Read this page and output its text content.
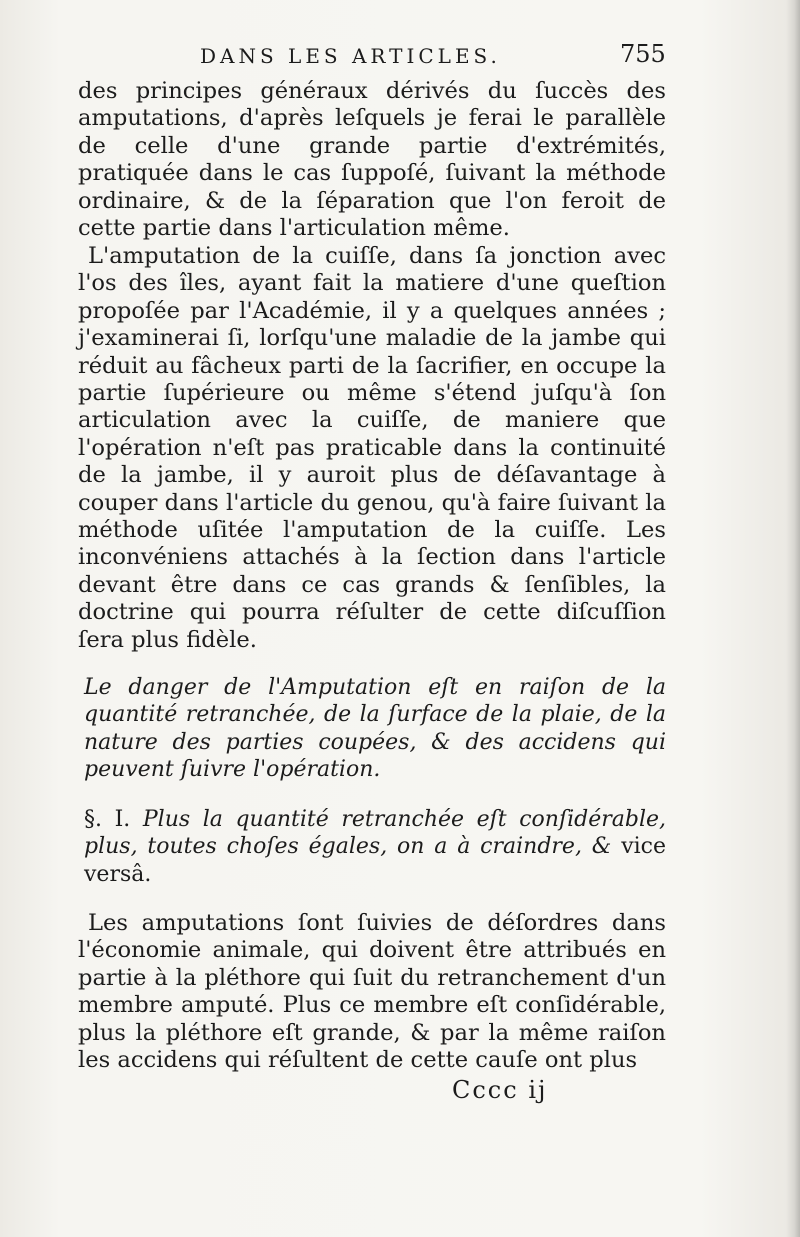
DANS LES ARTICLES.	755
des principes généraux dérivés du ſuccès des amputations, d'après leſquels je ferai le parallèle de celle d'une grande partie d'extrémités, pratiquée dans le cas ſuppoſé, ſuivant la méthode ordinaire, & de la ſéparation que l'on feroit de cette partie dans l'articulation même.
L'amputation de la cuiſſe, dans ſa jonction avec l'os des îles, ayant fait la matiere d'une queſtion propoſée par l'Académie, il y a quelques années ; j'examinerai ſi, lorſqu'une maladie de la jambe qui réduit au fâcheux parti de la ſacrifier, en occupe la partie ſupérieure ou même s'étend juſqu'à ſon articulation avec la cuiſſe, de maniere que l'opération n'eſt pas praticable dans la continuité de la jambe, il y auroit plus de déſavantage à couper dans l'article du genou, qu'à faire ſuivant la méthode uſitée l'amputation de la cuiſſe. Les inconvéniens attachés à la ſection dans l'article devant être dans ce cas grands & ſenſibles, la doctrine qui pourra réſulter de cette diſcuſſion ſera plus fidèle.
Le danger de l'Amputation eſt en raiſon de la quantité retranchée, de la ſurface de la plaie, de la nature des parties coupées, & des accidens qui peuvent ſuivre l'opération.
§. I. Plus la quantité retranchée eſt conſidérable, plus, toutes choſes égales, on a à craindre, & vice versâ.
Les amputations ſont ſuivies de déſordres dans l'économie animale, qui doivent être attribués en partie à la pléthore qui ſuit du retranchement d'un membre amputé. Plus ce membre eſt conſidérable, plus la pléthore eſt grande, & par la même raiſon les accidens qui réſultent de cette cauſe ont plus
Cccc ij
